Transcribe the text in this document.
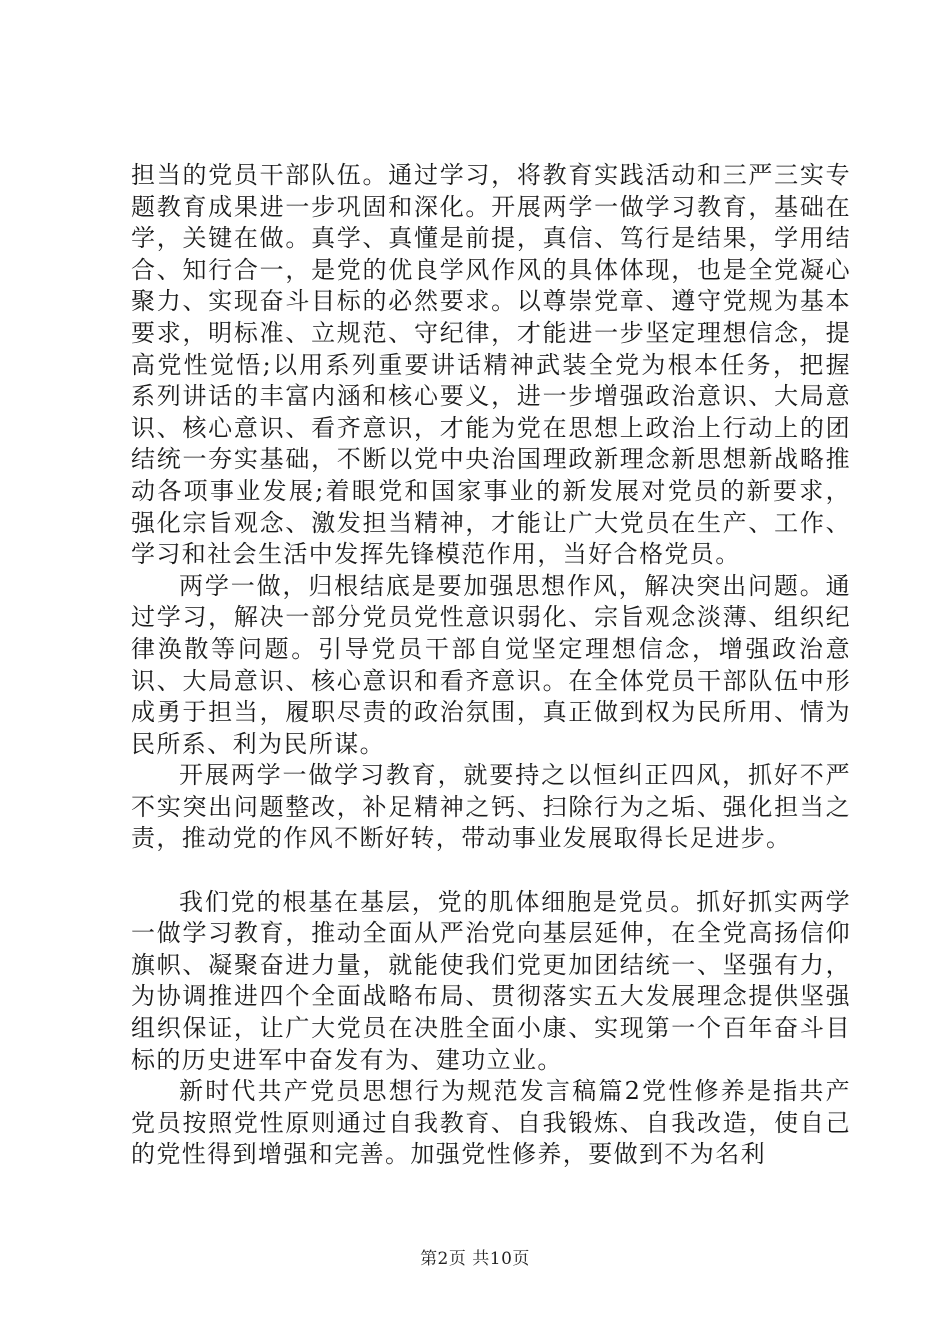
担当的党员干部队伍。通过学习，将教育实践活动和三严三实专题教育成果进一步巩固和深化。开展两学一做学习教育，基础在学，关键在做。真学、真懂是前提，真信、笃行是结果，学用结合、知行合一，是党的优良学风作风的具体体现，也是全党凝心聚力、实现奋斗目标的必然要求。以尊崇党章、遵守党规为基本要求，明标准、立规范、守纪律，才能进一步坚定理想信念，提高党性觉悟;以用系列重要讲话精神武装全党为根本任务，把握系列讲话的丰富内涵和核心要义，进一步增强政治意识、大局意识、核心意识、看齐意识，才能为党在思想上政治上行动上的团结统一夯实基础，不断以党中央治国理政新理念新思想新战略推动各项事业发展;着眼党和国家事业的新发展对党员的新要求，强化宗旨观念、激发担当精神，才能让广大党员在生产、工作、学习和社会生活中发挥先锋模范作用，当好合格党员。

两学一做，归根结底是要加强思想作风，解决突出问题。通过学习，解决一部分党员党性意识弱化、宗旨观念淡薄、组织纪律涣散等问题。引导党员干部自觉坚定理想信念，增强政治意识、大局意识、核心意识和看齐意识。在全体党员干部队伍中形成勇于担当，履职尽责的政治氛围，真正做到权为民所用、情为民所系、利为民所谋。

开展两学一做学习教育，就要持之以恒纠正四风，抓好不严不实突出问题整改，补足精神之钙、扫除行为之垢、强化担当之责，推动党的作风不断好转，带动事业发展取得长足进步。

我们党的根基在基层，党的肌体细胞是党员。抓好抓实两学一做学习教育，推动全面从严治党向基层延伸，在全党高扬信仰旗帜、凝聚奋进力量，就能使我们党更加团结统一、坚强有力，为协调推进四个全面战略布局、贯彻落实五大发展理念提供坚强组织保证，让广大党员在决胜全面小康、实现第一个百年奋斗目标的历史进军中奋发有为、建功立业。

新时代共产党员思想行为规范发言稿篇2党性修养是指共产党员按照党性原则通过自我教育、自我锻炼、自我改造，使自己的党性得到增强和完善。加强党性修养，要做到不为名利

第2页 共10页
